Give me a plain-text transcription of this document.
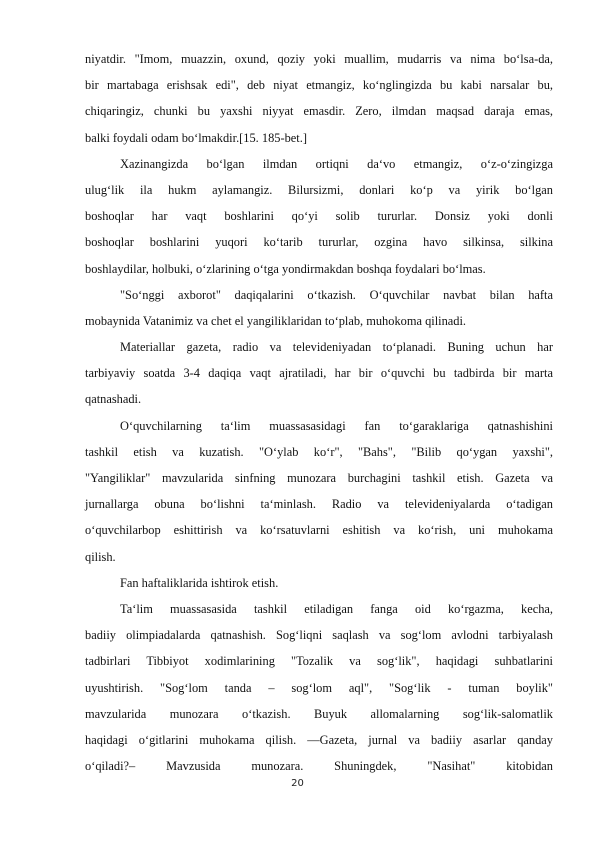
niyatdir. "Imom, muazzin, oxund, qoziy yoki muallim, mudarris va nima bo‘lsa-da,
bir martabaga erishsak edi", deb niyat etmangiz, ko‘nglingizda bu kabi narsalar bu,
chiqaringiz, chunki bu yaxshi niyyat emasdir. Zero, ilmdan maqsad daraja emas,
balki foydali odam bo‘lmakdir.[15. 185-bet.]
Xazinangizda bo‘lgan ilmdan ortiqni da‘vo etmangiz, o‘z-o‘zingizga
ulug‘lik ila hukm aylamangiz. Bilursizmi, donlari ko‘p va yirik bo‘lgan
boshoqlar har vaqt boshlarini qo‘yi solib tururlar. Donsiz yoki donli
boshoqlar boshlarini yuqori ko‘tarib tururlar, ozgina havo silkinsa, silkina
boshlaydilar, holbuki, o‘zlarining o‘tga yondirmakdan boshqa foydalari bo‘lmas.
"So‘nggi axborot" daqiqalarini o‘tkazish. O‘quvchilar navbat bilan hafta
mobaynida Vatanimiz va chet el yangiliklaridan to‘plab, muhokoma qilinadi.
Materiallar gazeta, radio va televideniyadan to‘planadi. Buning uchun har
tarbiyaviy soatda 3-4 daqiqa vaqt ajratiladi, har bir o‘quvchi bu tadbirda bir marta
qatnashadi.
O‘quvchilarning ta‘lim muassasasidagi fan to‘garaklariga qatnashishini
tashkil etish va kuzatish. "O‘ylab ko‘r", "Bahs", "Bilib qo‘ygan yaxshi",
"Yangiliklar" mavzularida sinfning munozara burchagini tashkil etish. Gazeta va
jurnallarga obuna bo‘lishni ta‘minlash. Radio va televideniyalarda o‘tadigan
o‘quvchilarbop eshittirish va ko‘rsatuvlarni eshitish va ko‘rish, uni muhokama
qilish.
Fan haftaliklarida ishtirok etish.
Ta‘lim muassasasida tashkil etiladigan fanga oid ko‘rgazma, kecha,
badiiy olimpiadalarda qatnashish. Sog‘liqni saqlash va sog‘lom avlodni tarbiyalash
tadbirlari Tibbiyot xodimlarining "Tozalik va sog‘lik", haqidagi suhbatlarini
uyushtirish. "Sog‘lom tanda – sog‘lom aql", "Sog‘lik - tuman boylik"
mavzularida munozara o‘tkazish. Buyuk allomalarning sog‘lik-salomatlik
haqidagi o‘gitlarini muhokama qilish. —Gazeta, jurnal va badiiy asarlar qanday
o‘qiladi?– Mavzusida munozara. Shuningdek, "Nasihat" kitobidan
20
